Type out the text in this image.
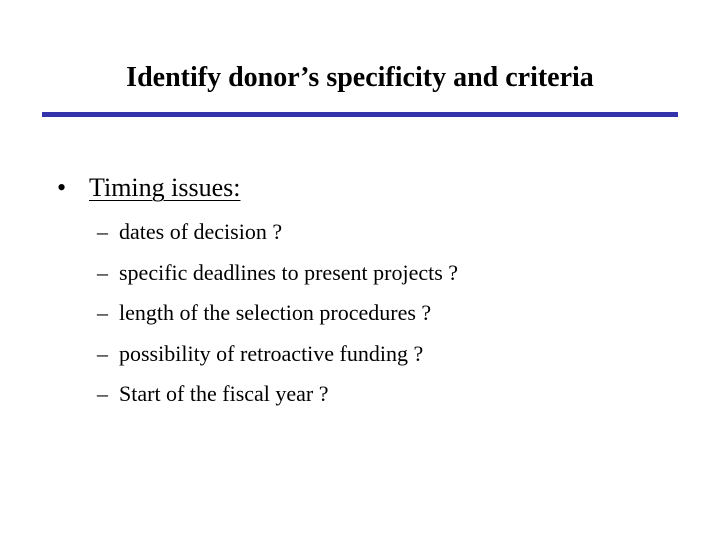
Identify donor’s specificity and criteria
• Timing issues:
– dates of decision ?
– specific deadlines to present projects ?
– length of the selection procedures ?
– possibility of retroactive funding ?
– Start of the fiscal year ?
